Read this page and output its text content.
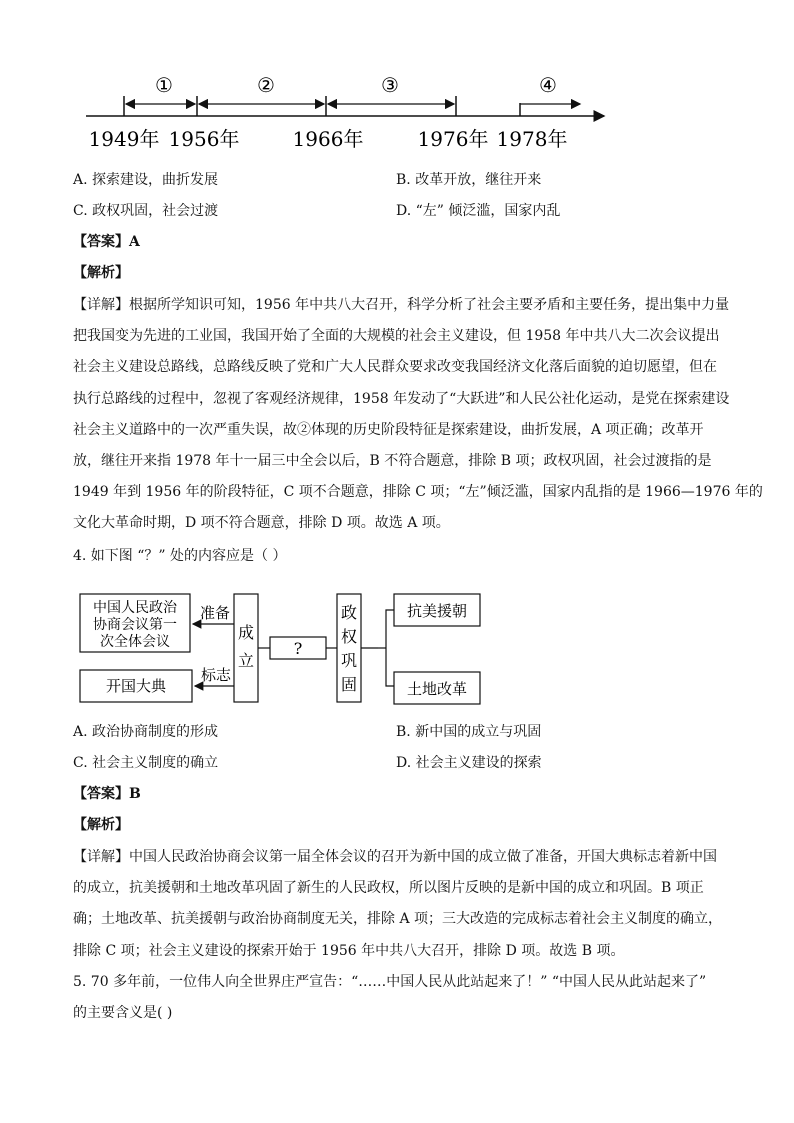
①	②	③	④
1949年 1956年	1966年	1976年 1978年
A. 探索建设，曲折发展	B. 改革开放，继往开来
C. 政权巩固，社会过渡	D. “左” 倾泛滥，国家内乱
【答案】A
【解析】

【详解】根据所学知识可知，1956 年中共八大召开，科学分析了社会主要矛盾和主要任务，提出集中力量

把我国变为先进的工业国，我国开始了全面的大规模的社会主义建设，但 1958 年中共八大二次会议提出

社会主义建设总路线，总路线反映了党和广大人民群众要求改变我国经济文化落后面貌的迫切愿望，但在

执行总路线的过程中，忽视了客观经济规律，1958 年发动了“大跃进”和人民公社化运动，是党在探索建设

社会主义道路中的一次严重失误，故②体现的历史阶段特征是探索建设，曲折发展，A 项正确；改革开

放，继往开来指 1978 年十一届三中全会以后，B 不符合题意，排除 B 项；政权巩固，社会过渡指的是

1949 年到 1956 年的阶段特征，C 项不合题意，排除 C 项；“左”倾泛滥，国家内乱指的是 1966—1976 年的

文化大革命时期，D 项不符合题意，排除 D 项。故选 A 项。

4. 如下图 “？” 处的内容应是（ ）
中国人民政治
协商会议第一
次全体会议
开国大典
准备
标志
成
立
?
政
权
巩
固
抗美援朝
土地改革
A. 政治协商制度的形成	B. 新中国的成立与巩固
C. 社会主义制度的确立	D. 社会主义建设的探索
【答案】B
【解析】

【详解】中国人民政治协商会议第一届全体会议的召开为新中国的成立做了准备，开国大典标志着新中国

的成立，抗美援朝和土地改革巩固了新生的人民政权，所以图片反映的是新中国的成立和巩固。B 项正

确；土地改革、抗美援朝与政治协商制度无关，排除 A 项；三大改造的完成标志着社会主义制度的确立，

排除 C 项；社会主义建设的探索开始于 1956 年中共八大召开，排除 D 项。故选 B 项。

5. 70 多年前，一位伟人向全世界庄严宣告：“……中国人民从此站起来了！” “中国人民从此站起来了”

的主要含义是( )
